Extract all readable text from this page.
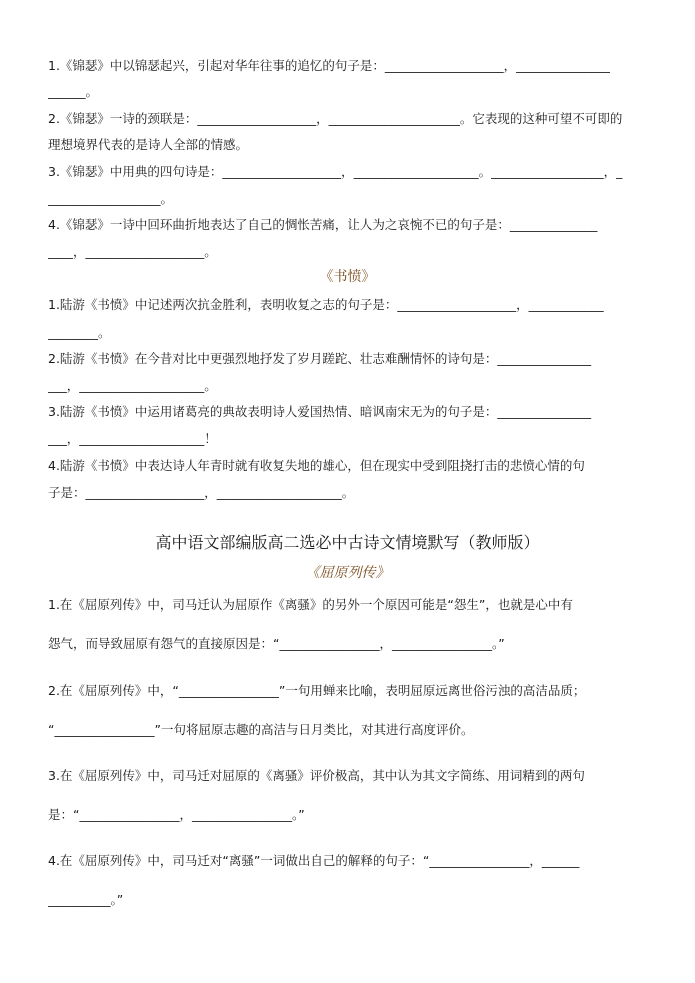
1.《锦瑟》中以锦瑟起兴，引起对华年往事的追忆的句子是：___________________，_______________
______。
2.《锦瑟》一诗的颈联是：___________________，_____________________。它表现的这种可望不可即的
理想境界代表的是诗人全部的情感。
3.《锦瑟》中用典的四句诗是：___________________，____________________。__________________，_
__________________。
4.《锦瑟》一诗中回环曲折地表达了自己的惆怅苦痛，让人为之哀惋不已的句子是：______________
____，___________________。
《书愤》
1.陆游《书愤》中记述两次抗金胜利，表明收复之志的句子是：___________________，____________
________。
2.陆游《书愤》在今昔对比中更强烈地抒发了岁月蹉跎、壮志难酬情怀的诗句是：_______________
___，____________________。
3.陆游《书愤》中运用诸葛亮的典故表明诗人爱国热情、暗讽南宋无为的句子是：_______________
___，____________________！
4.陆游《书愤》中表达诗人年青时就有收复失地的雄心，但在现实中受到阻挠打击的悲愤心情的句
子是：___________________，____________________。
高中语文部编版高二选必中古诗文情境默写（教师版）
《屈原列传》
1.在《屈原列传》中，司马迁认为屈原作《离骚》的另外一个原因可能是“怨生”，也就是心中有
怨气，而导致屈原有怨气的直接原因是：“________________，________________。”
2.在《屈原列传》中，“________________”一句用蝉来比喻，表明屈原远离世俗污浊的高洁品质；
“________________”一句将屈原志趣的高洁与日月类比，对其进行高度评价。
3.在《屈原列传》中，司马迁对屈原的《离骚》评价极高，其中认为其文字简练、用词精到的两句
是：“________________，________________。”
4.在《屈原列传》中，司马迁对“离骚”一词做出自己的解释的句子：“________________，______
__________。”
